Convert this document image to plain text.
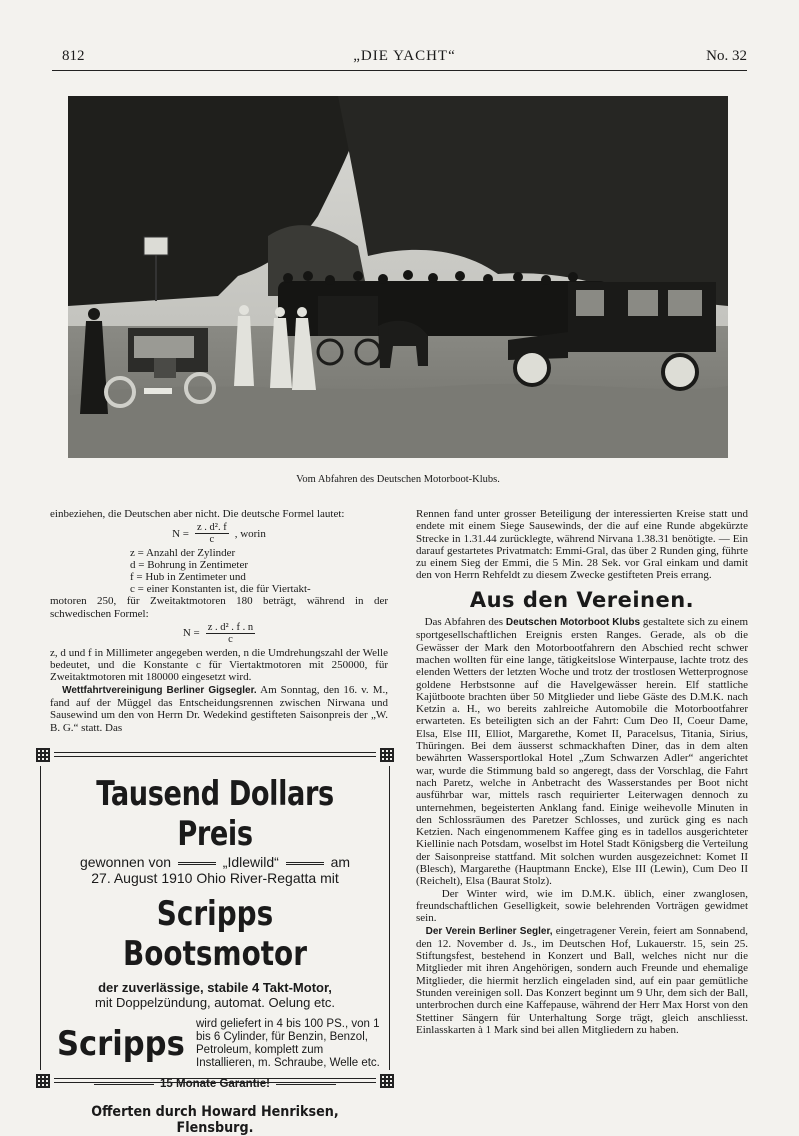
812	„DIE YACHT“	No. 32
Vom Abfahren des Deutschen Motorboot-Klubs.

einbeziehen, die Deutschen aber nicht. Die deutsche Formel lautet:

$N = \frac{\text{z . d². f}}{c}$ , worin
z = Anzahl der Zylinder
d = Bohrung in Zentimeter
f = Hub in Zentimeter und
c = einer Konstanten ist, die für Viertakt-

motoren 250, für Zweitaktmotoren 180 beträgt, während in der schwedischen Formel:

$N = \frac{\text{z . d² . f . n}}{c}$

z, d und f in Millimeter angegeben werden, n die Umdrehungszahl der Welle bedeutet, und die Konstante c für Viertaktmotoren mit 250000, für Zweitaktmotoren mit 180000 eingesetzt wird.

Wettfahrtvereinigung Berliner Gigsegler. Am Sonntag, den 16. v. M., fand auf der Müggel das Entscheidungsrennen zwischen Nirwana und Sausewind um den von Herrn Dr. Wedekind gestifteten Saisonpreis der „W. B. G.“ statt. Das

Rennen fand unter grosser Beteiligung der interessierten Kreise statt und endete mit einem Siege Sausewinds, der die auf eine Runde abgekürzte Strecke in 1.31.44 zurücklegte, während Nirvana 1.38.31 benötigte. — Ein darauf gestartetes Privatmatch: Emmi-Gral, das über 2 Runden ging, führte zu einem Sieg der Emmi, die 5 Min. 28 Sek. vor Gral einkam und damit den von Herrn Rehfeldt zu diesem Zwecke gestifteten Preis errang.

Aus den Vereinen.

Das Abfahren des Deutschen Motorboot Klubs gestaltete sich zu einem sportgesellschaftlichen Ereignis ersten Ranges. Gerade, als ob die Gewässer der Mark den Motorbootfahrern den Abschied recht schwer machen wollten für eine lange, tätigkeitslose Winterpause, lachte trotz des elenden Wetters der letzten Woche und trotz der trostlosen Wetterprognose goldene Herbstsonne auf die Havelgewässer herein. Elf stattliche Kajütboote brachten über 50 Mitglieder und liebe Gäste des D.M.K. nach Ketzin a. H., wo bereits zahlreiche Automobile die Motorbootfahrer erwarteten. Es beteiligten sich an der Fahrt: Cum Deo II, Coeur Dame, Elsa, Else III, Elliot, Margarethe, Komet II, Paracelsus, Titania, Sirius, Thüringen. Bei dem äusserst schmackhaften Diner, das in dem alten bewährten Wassersportlokal Hotel „Zum Schwarzen Adler“ angerichtet war, wurde die Stimmung bald so angeregt, dass der Vorschlag, die Fahrt nach Paretz, welche in Anbetracht des Wasserstandes per Boot nicht ausführbar war, mittels rasch requirierter Leiterwagen dennoch zu unternehmen, begeisterten Anklang fand. Einige weihevolle Minuten in den Schlossräumen des Paretzer Schlosses, und zurück ging es nach Ketzien. Nach eingenommenem Kaffee ging es in tadellos ausgerichteter Kiellinie nach Potsdam, woselbst im Hotel Stadt Königsberg die Verteilung der Saisonpreise stattfand. Mit solchen wurden ausgezeichnet: Komet II (Blesch), Margarethe (Hauptmann Encke), Else III (Lewin), Cum Deo II (Reichelt), Elsa (Baurat Stolz).

Der Winter wird, wie im D.M.K. üblich, einer zwanglosen, freundschaftlichen Geselligkeit, sowie belehrenden Vorträgen gewidmet sein.

Der Verein Berliner Segler, eingetragener Verein, feiert am Sonnabend, den 12. November d. Js., im Deutschen Hof, Lukauerstr. 15, sein 25. Stiftungsfest, bestehend in Konzert und Ball, welches nicht nur die Mitglieder mit ihren Angehörigen, sondern auch Freunde und ehemalige Mitglieder, die hiermit herzlich eingeladen sind, auf ein paar gemütliche Stunden vereinigen soll. Das Konzert beginnt um 9 Uhr, dem sich der Ball, unterbrochen durch eine Kaffepause, während der Herr Max Horst von den Stettiner Sängern für Unterhaltung Sorge trägt, gleich anschliesst. Einlasskarten à 1 Mark sind bei allen Mitgliedern zu haben.

Tausend Dollars Preis
gewonnen von	„Idlewild“	am
27. August 1910 Ohio River-Regatta mit
Scripps Bootsmotor
der zuverlässige, stabile 4 Takt-Motor,
mit Doppelzündung, automat. Oelung etc.
Scripps wird geliefert in 4 bis 100 PS., von 1 bis 6 Cylinder, für Benzin, Benzol, Petroleum, komplett zum Installieren, m. Schraube, Welle etc.
15 Monate Garantie!
Offerten durch Howard Henriksen, Flensburg.
